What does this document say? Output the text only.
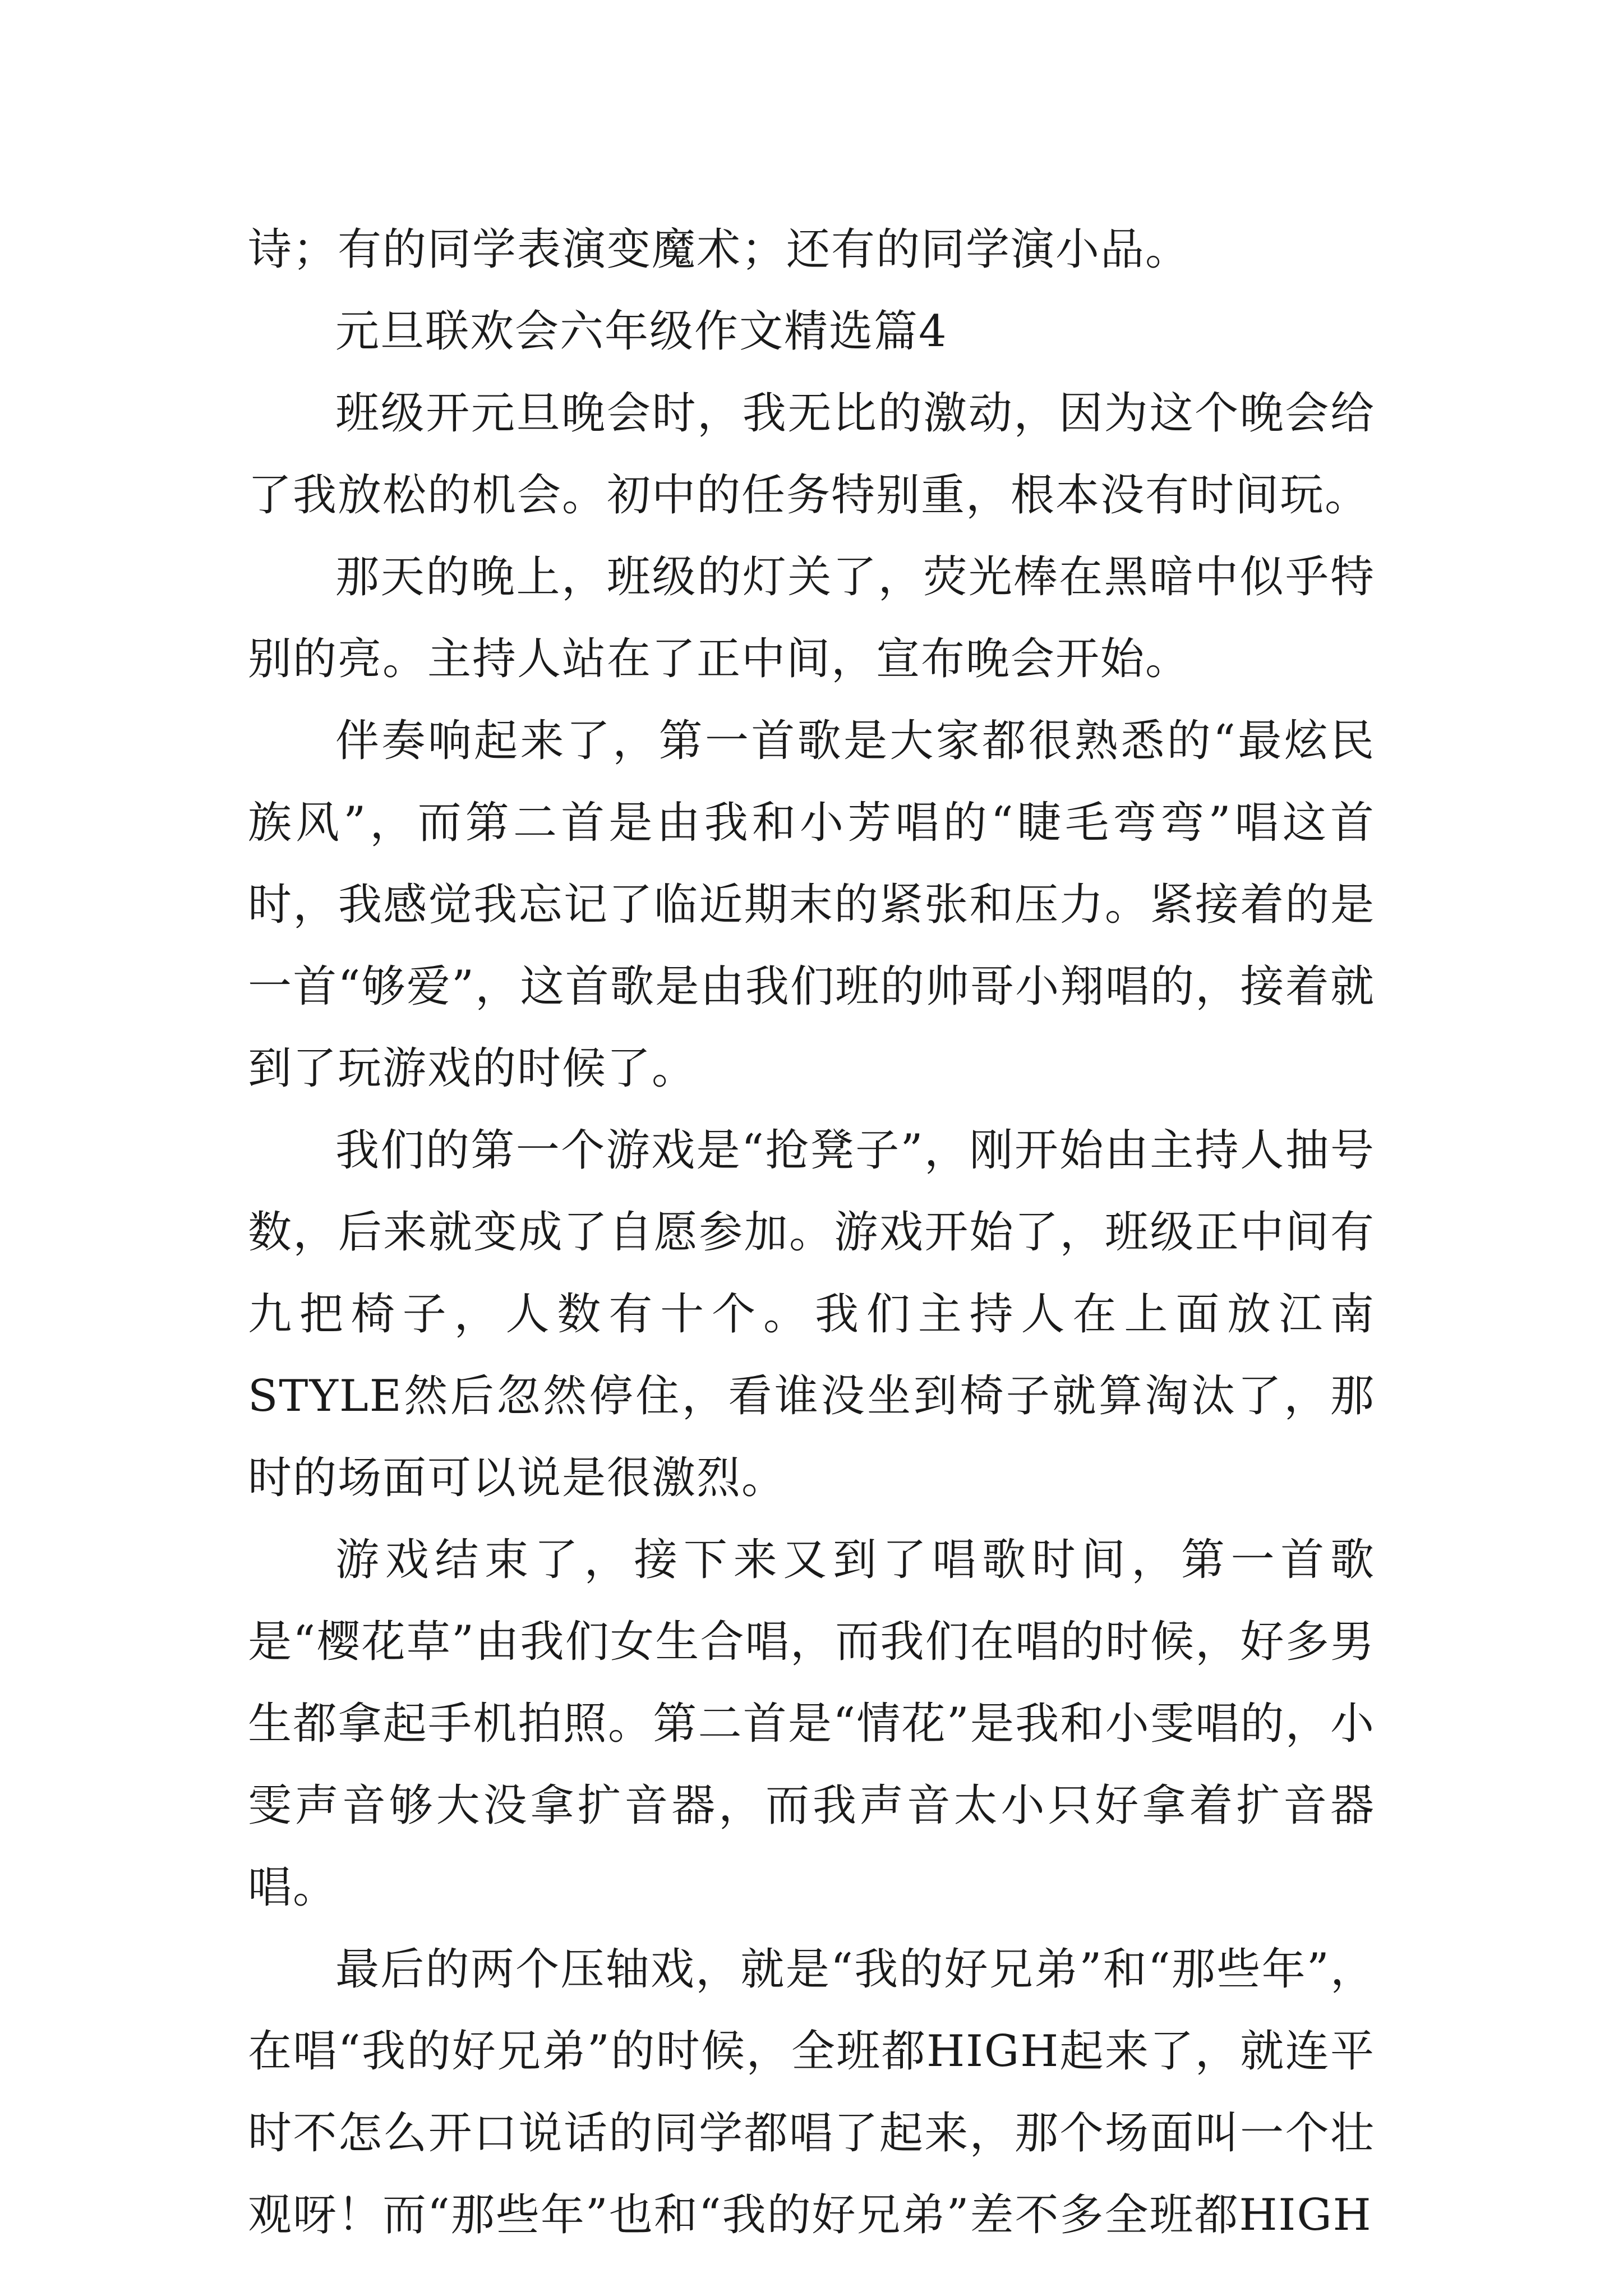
诗；有的同学表演变魔术；还有的同学演小品。

元旦联欢会六年级作文精选篇4

班级开元旦晚会时，我无比的激动，因为这个晚会给了我放松的机会。初中的任务特别重，根本没有时间玩。

那天的晚上，班级的灯关了，荧光棒在黑暗中似乎特别的亮。主持人站在了正中间，宣布晚会开始。

伴奏响起来了，第一首歌是大家都很熟悉的“最炫民族风”，而第二首是由我和小芳唱的“睫毛弯弯”唱这首时，我感觉我忘记了临近期末的紧张和压力。紧接着的是一首“够爱”，这首歌是由我们班的帅哥小翔唱的，接着就到了玩游戏的时候了。

我们的第一个游戏是“抢凳子”，刚开始由主持人抽号数，后来就变成了自愿参加。游戏开始了，班级正中间有九把椅子，人数有十个。我们主持人在上面放江南STYLE然后忽然停住，看谁没坐到椅子就算淘汰了，那时的场面可以说是很激烈。

游戏结束了，接下来又到了唱歌时间，第一首歌是“樱花草”由我们女生合唱，而我们在唱的时候，好多男生都拿起手机拍照。第二首是“情花”是我和小雯唱的，小雯声音够大没拿扩音器，而我声音太小只好拿着扩音器唱。

最后的两个压轴戏，就是“我的好兄弟”和“那些年”，在唱“我的好兄弟”的时候，全班都HIGH起来了，就连平时不怎么开口说话的同学都唱了起来，那个场面叫一个壮观呀！而“那些年”也和“我的好兄弟”差不多全班都HIGH
